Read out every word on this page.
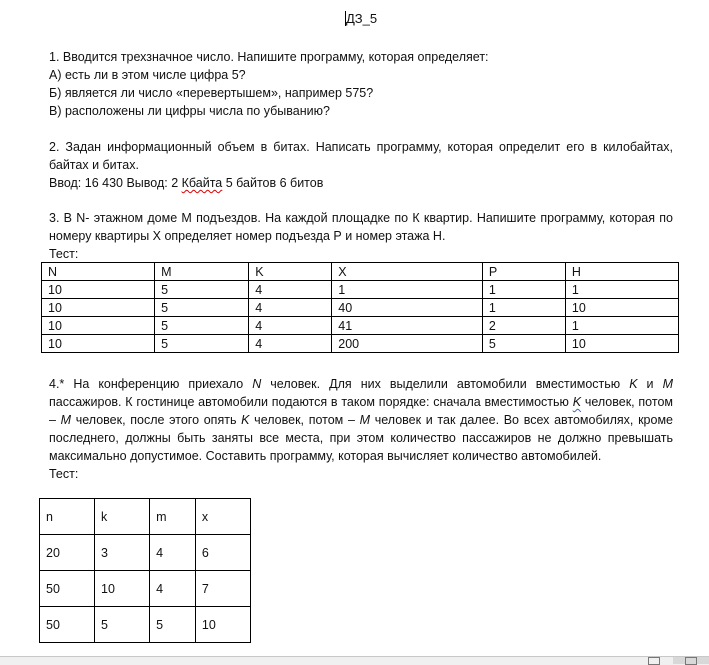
ДЗ_5
1. Вводится трехзначное число. Напишите программу, которая определяет:
А) есть ли в этом числе цифра 5?
Б) является ли число «перевертышем», например 575?
В) расположены ли цифры числа по убыванию?
2. Задан информационный объем в битах. Написать программу, которая определит его в килобайтах, байтах и битах.
Ввод: 16 430 Вывод: 2 Кбайта 5 байтов 6 битов
3. В N- этажном доме М подъездов. На каждой площадке по К квартир. Напишите программу, которая по номеру квартиры Х определяет номер подъезда Р и номер этажа Н.
Тест:
N	M	K	X	P	H
10	5	4	1	1	1
10	5	4	40	1	10
10	5	4	41	2	1
10	5	4	200	5	10
4.* На конференцию приехало N человек. Для них выделили автомобили вместимостью K и M пассажиров. К гостинице автомобили подаются в таком порядке: сначала вместимостью K человек, потом – M человек, после этого опять K человек, потом – M человек и так далее. Во всех автомобилях, кроме последнего, должны быть заняты все места, при этом количество пассажиров не должно превышать максимально допустимое. Составить программу, которая вычисляет количество автомобилей.
Тест:
n	k	m	x
20	3	4	6
50	10	4	7
50	5	5	10
